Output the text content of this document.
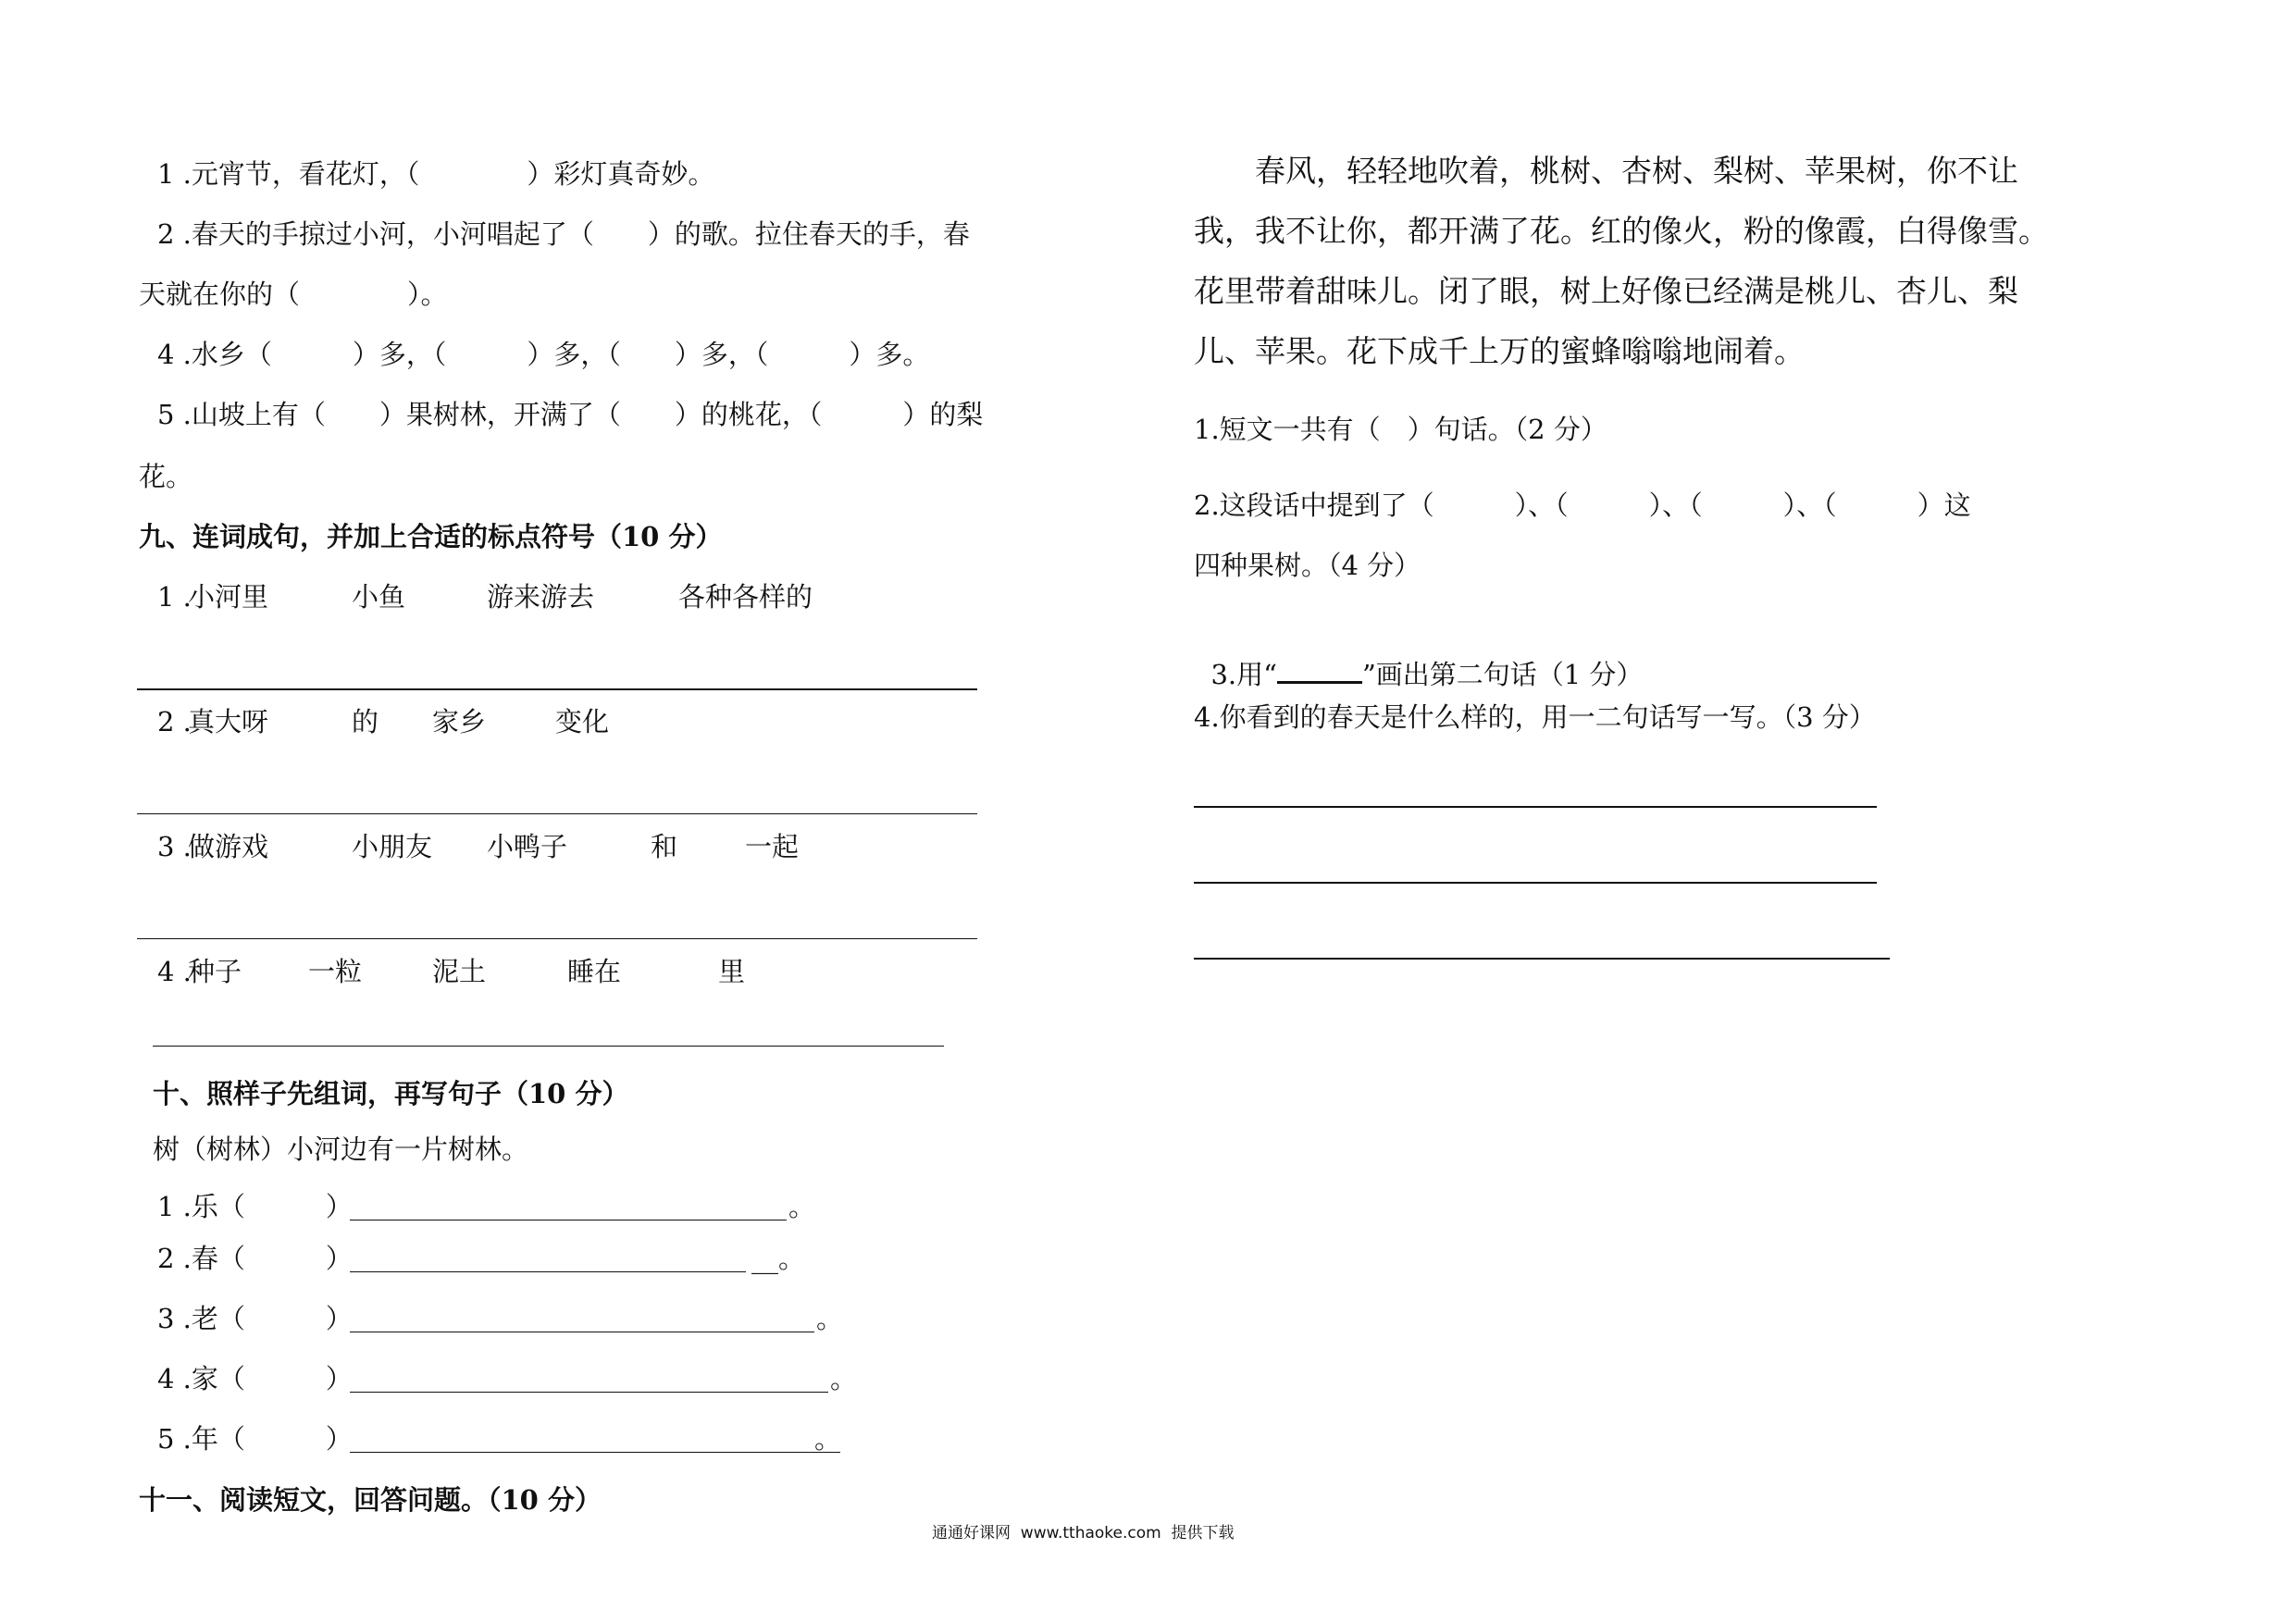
1 .元宵节，看花灯，（　　　　）彩灯真奇妙。
2 .春天的手掠过小河，小河唱起了（　　）的歌。拉住春天的手，春
天就在你的（　　　　）。
4 .水乡（　　　）多，（　　　）多，（　　）多，（　　　）多。
5 .山坡上有（　　）果树林，开满了（　　）的桃花，（　　　）的梨
花。
九、连词成句，并加上合适的标点符号（10 分）
1 .
小河里	小鱼	游来游去	各种各样的
2 .
真大呀	的 家乡	变化
3 .
做游戏	小朋友 小鸭子	和	一起
4 .
种子 一粒	泥土	睡在	里
十、照样子先组词，再写句子（10 分）
树（树林）小河边有一片树林。
1 .乐（　　　）	。
2 .春（　　　）	__。
3 .老（　　　）	。
4 .家（　　　）	。
5 .年（　　　）	。
十一、阅读短文，回答问题。（10 分）
　　春风，轻轻地吹着，桃树、杏树、梨树、苹果树，你不让
我，我不让你，都开满了花。红的像火，粉的像霞，白得像雪。
花里带着甜味儿。闭了眼，树上好像已经满是桃儿、杏儿、梨
儿、苹果。花下成千上万的蜜蜂嗡嗡地闹着。
1.短文一共有（　）句话。（2 分）
2.这段话中提到了（　　　）、（　　　）、（　　　）、（　　　）这
四种果树。（4 分）

3.用“	”画出第二句话（1 分）

4.你看到的春天是什么样的，用一二句话写一写。（3 分）
通通好课网  www.tthaoke.com  提供下载
